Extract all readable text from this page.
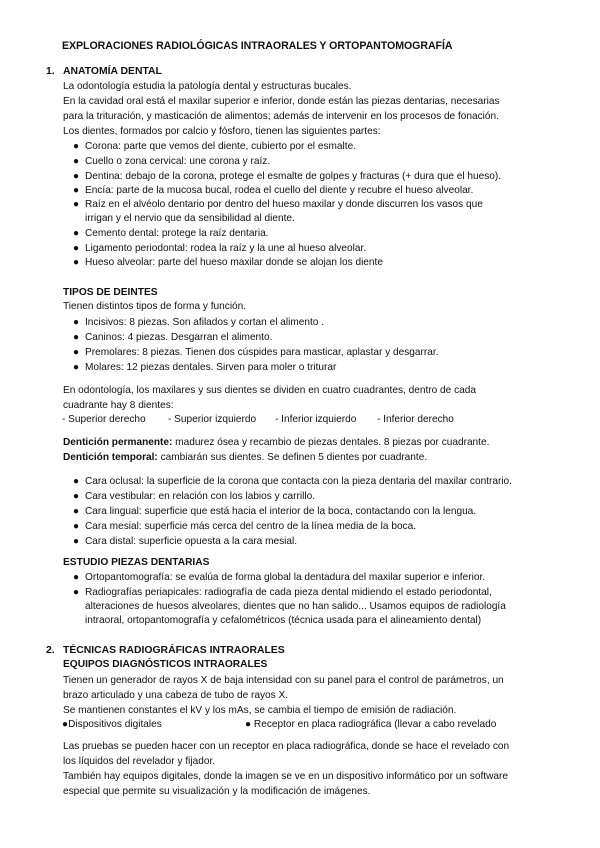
EXPLORACIONES RADIOLÓGICAS INTRAORALES Y ORTOPANTOMOGRAFÍA
1. ANATOMÍA DENTAL
La odontología estudia la patología dental y estructuras bucales.
En la cavidad oral está el maxilar superior e inferior, donde están las piezas dentarias, necesarias
para la trituración, y masticación de alimentos; además de intervenir en los procesos de fonación.
Los dientes, formados por calcio y fósforo, tienen las siguientes partes:
● Corona: parte que vemos del diente, cubierto por el esmalte.
● Cuello o zona cervical: une corona y raíz.
● Dentina: debajo de la corona, protege el esmalte de golpes y fracturas (+ dura que el hueso).
● Encía: parte de la mucosa bucal, rodea el cuello del diente y recubre el hueso alveolar.
● Raíz en el alvéolo dentario por dentro del hueso maxilar y donde discurren los vasos que
irrigan y el nervio que da sensibilidad al diente.
● Cemento dental: protege la raíz dentaria.
● Ligamento periodontal: rodea la raíz y la une al hueso alveolar.
● Hueso alveolar: parte del hueso maxilar donde se alojan los diente
TIPOS DE DEINTES
Tienen distintos tipos de forma y función.
● Incisivos: 8 piezas. Son afilados y cortan el alimento .
● Caninos: 4 piezas. Desgarran el alimento.
● Premolares: 8 piezas. Tienen dos cúspides para masticar, aplastar y desgarrar.
● Molares: 12 piezas dentales. Sirven para moler o triturar
En odontología, los maxilares y sus dientes se dividen en cuatro cuadrantes, dentro de cada
cuadrante hay 8 dientes:
- Superior derecho - Superior izquierdo - Inferior izquierdo - Inferior derecho
Dentición permanente: madurez ósea y recambio de piezas dentales. 8 piezas por cuadrante.
Dentición temporal: cambiarán sus dientes. Se definen 5 dientes por cuadrante.
● Cara oclusal: la superficie de la corona que contacta con la pieza dentaria del maxilar contrario.
● Cara vestibular: en relación con los labios y carrillo.
● Cara lingual: superficie que está hacia el interior de la boca, contactando con la lengua.
● Cara mesial: superficie más cerca del centro de la línea media de la boca.
● Cara distal: superficie opuesta a la cara mesial.
ESTUDIO PIEZAS DENTARIAS
● Ortopantomografía: se evalúa de forma global la dentadura del maxilar superior e inferior.
● Radiografías periapicales: radiografía de cada pieza dental midiendo el estado periodontal,
alteraciones de huesos alveolares, dientes que no han salido... Usamos equipos de radiología
intraoral, ortopantomografía y cefalométricos (técnica usada para el alineamiento dental)
2. TÉCNICAS RADIOGRÁFICAS INTRAORALES
EQUIPOS DIAGNÓSTICOS INTRAORALES
Tienen un generador de rayos X de baja intensidad con su panel para el control de parámetros, un
brazo articulado y una cabeza de tubo de rayos X.
Se mantienen constantes el kV y los mAs, se cambia el tiempo de emisión de radiación.
●Dispositivos digitales	● Receptor en placa radiográfica (llevar a cabo revelado
Las pruebas se pueden hacer con un receptor en placa radiográfica, donde se hace el revelado con
los líquidos del revelador y fijador.
También hay equipos digitales, donde la imagen se ve en un dispositivo informático por un software
especial que permite su visualización y la modificación de imágenes.
